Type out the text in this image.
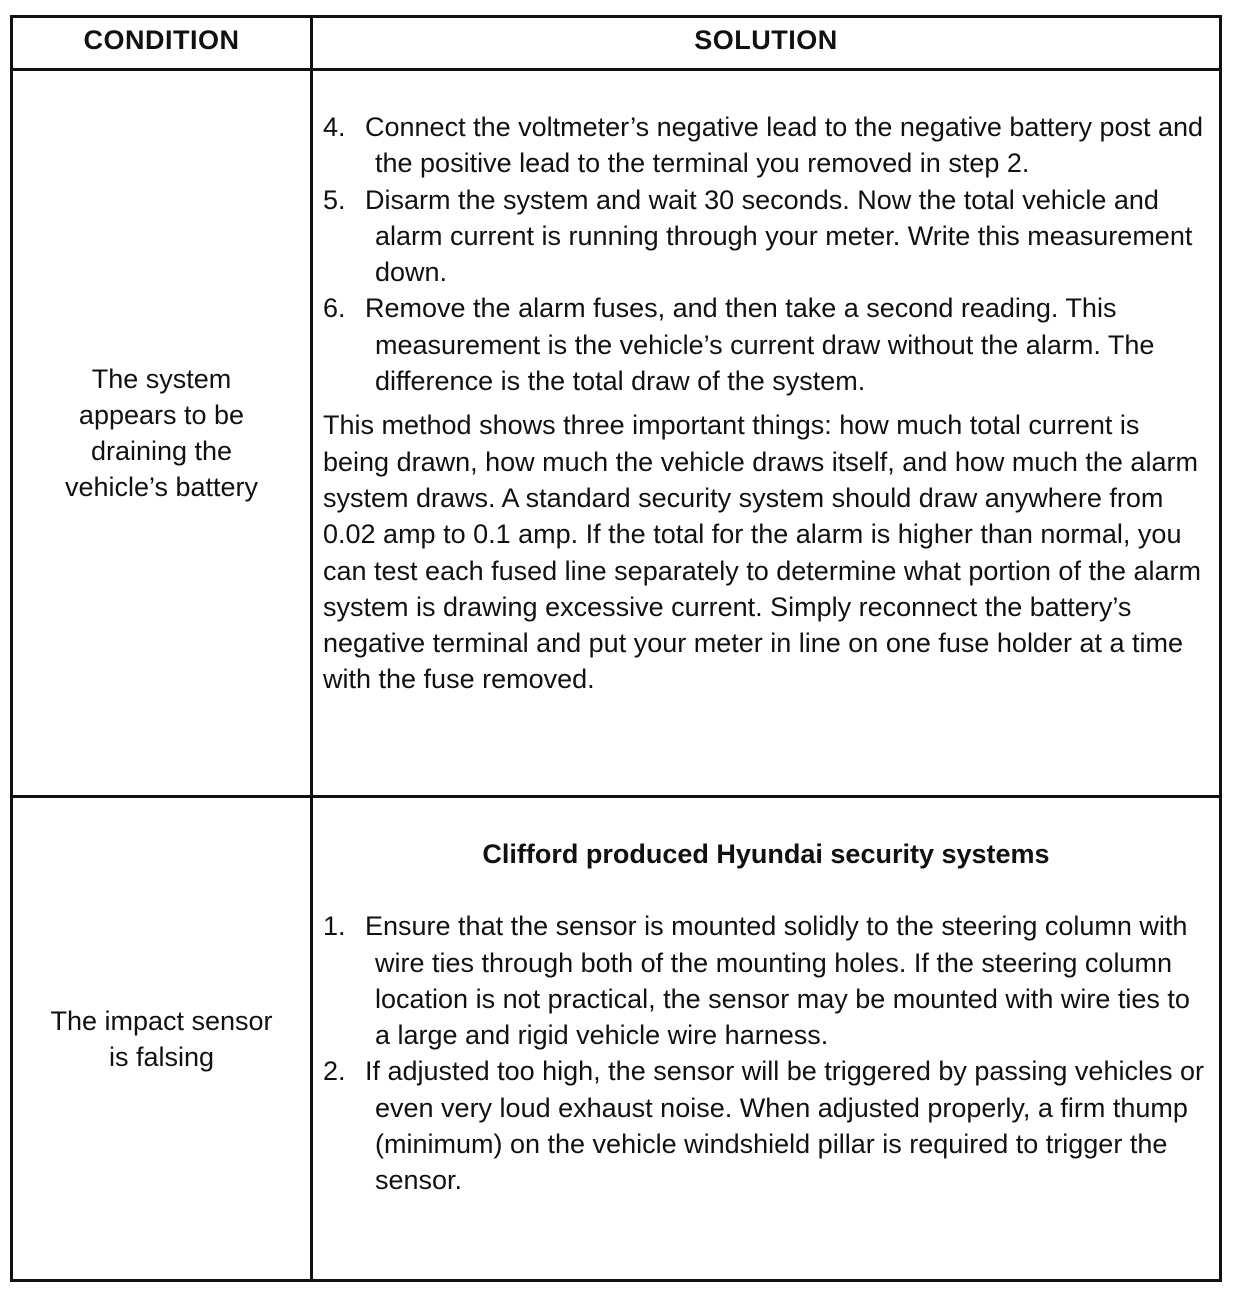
CONDITION	SOLUTION
The system
appears to be
draining the
vehicle’s battery
4. Connect the voltmeter’s negative lead to the negative battery post and the positive lead to the terminal you removed in step 2.
5. Disarm the system and wait 30 seconds. Now the total vehicle and alarm current is running through your meter. Write this measurement down.
6. Remove the alarm fuses, and then take a second reading. This measurement is the vehicle’s current draw without the alarm. The difference is the total draw of the system.
This method shows three important things: how much total current is being drawn, how much the vehicle draws itself, and how much the alarm system draws. A standard security system should draw anywhere from 0.02 amp to 0.1 amp. If the total for the alarm is higher than normal, you can test each fused line separately to determine what portion of the alarm system is drawing excessive current. Simply reconnect the battery’s negative terminal and put your meter in line on one fuse holder at a time with the fuse removed.
The impact sensor
is falsing
Clifford produced Hyundai security systems
1. Ensure that the sensor is mounted solidly to the steering column with wire ties through both of the mounting holes. If the steering column location is not practical, the sensor may be mounted with wire ties to a large and rigid vehicle wire harness.
2. If adjusted too high, the sensor will be triggered by passing vehicles or even very loud exhaust noise. When adjusted properly, a firm thump (minimum) on the vehicle windshield pillar is required to trigger the sensor.
